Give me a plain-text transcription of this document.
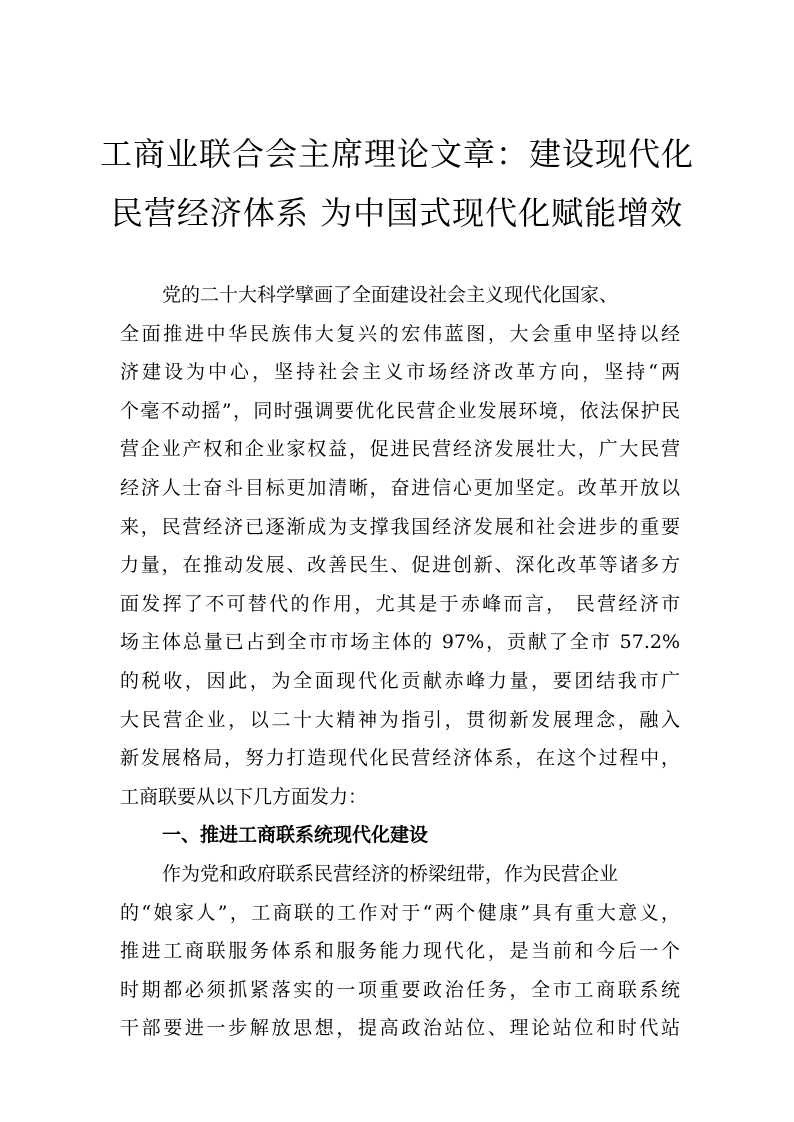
工商业联合会主席理论文章：建设现代化
民营经济体系 为中国式现代化赋能增效
党的二十大科学擘画了全面建设社会主义现代化国家、
全面推进中华民族伟大复兴的宏伟蓝图，大会重申坚持以经
济建设为中心，坚持社会主义市场经济改革方向，坚持“两
个毫不动摇”，同时强调要优化民营企业发展环境，依法保护民
营企业产权和企业家权益，促进民营经济发展壮大，广大民营
经济人士奋斗目标更加清晰，奋进信心更加坚定。改革开放以
来，民营经济已逐渐成为支撑我国经济发展和社会进步的重要
力量，在推动发展、改善民生、促进创新、深化改革等诸多方
面发挥了不可替代的作用，尤其是于赤峰而言， 民营经济市
场主体总量已占到全市市场主体的 97%，贡献了全市 57.2%
的税收，因此，为全面现代化贡献赤峰力量，要团结我市广
大民营企业，以二十大精神为指引，贯彻新发展理念，融入
新发展格局，努力打造现代化民营经济体系，在这个过程中，
工商联要从以下几方面发力：
一、推进工商联系统现代化建设
作为党和政府联系民营经济的桥梁纽带，作为民营企业
的“娘家人”，工商联的工作对于“两个健康”具有重大意义，
推进工商联服务体系和服务能力现代化，是当前和今后一个
时期都必须抓紧落实的一项重要政治任务，全市工商联系统
干部要进一步解放思想，提高政治站位、理论站位和时代站
